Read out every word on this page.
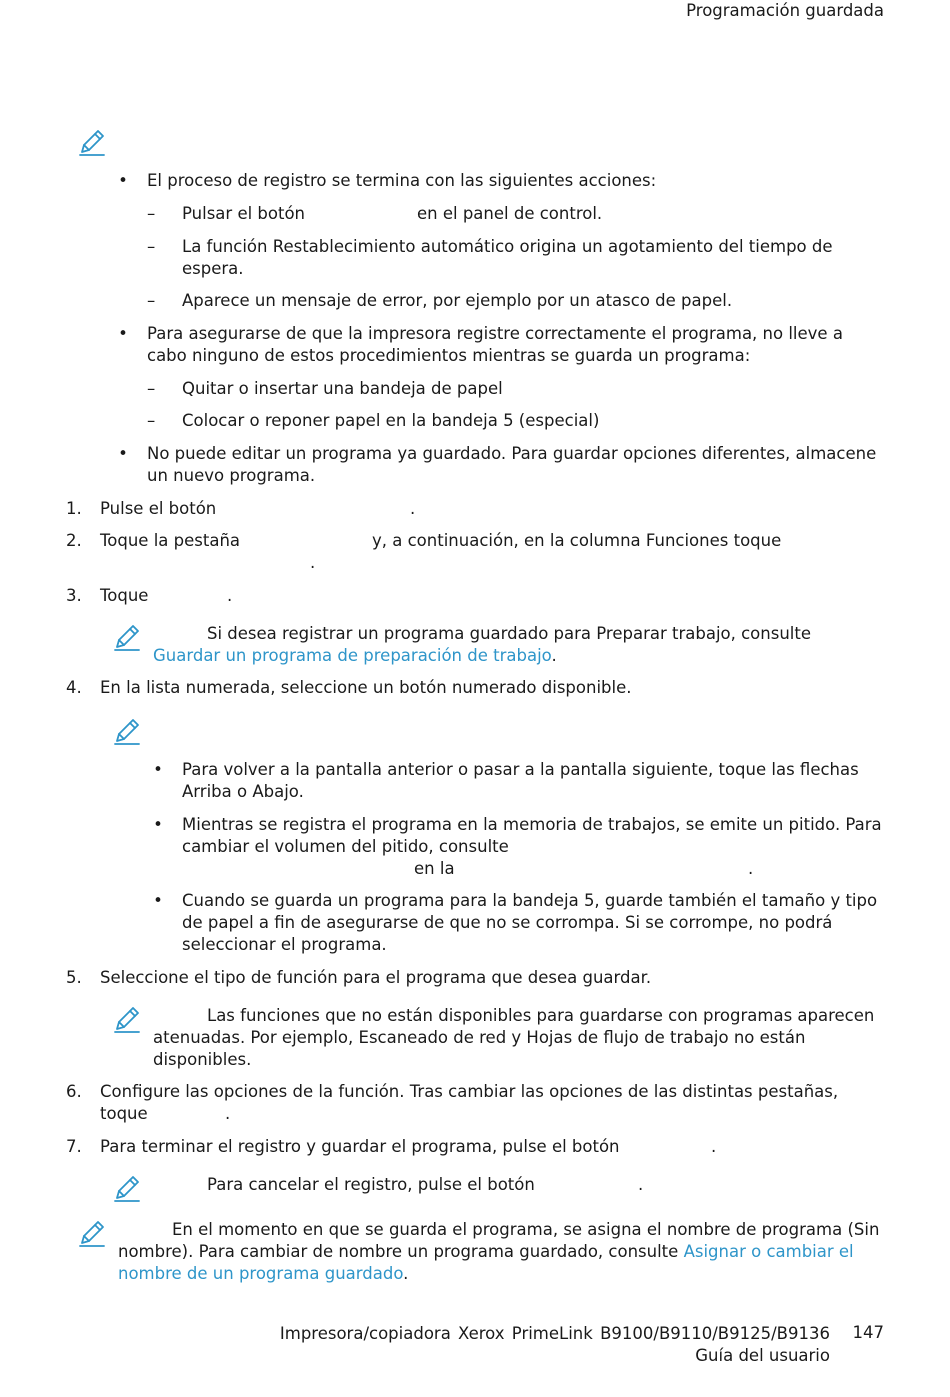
Programación guardada
• El proceso de registro se termina con las siguientes acciones:
–	Pulsar el botón	en el panel de control.
–	La función Restablecimiento automático origina un agotamiento del tiempo de espera.
–	Aparece un mensaje de error, por ejemplo por un atasco de papel.
• Para asegurarse de que la impresora registre correctamente el programa, no lleve a cabo ninguno de estos procedimientos mientras se guarda un programa:
–	Quitar o insertar una bandeja de papel
–	Colocar o reponer papel en la bandeja 5 (especial)
• No puede editar un programa ya guardado. Para guardar opciones diferentes, almacene un nuevo programa.
1. Pulse el botón	.
2. Toque la pestaña	y, a continuación, en la columna Funciones toque
.
3. Toque	.
Si desea registrar un programa guardado para Preparar trabajo, consulte
Guardar un programa de preparación de trabajo.
4. En la lista numerada, seleccione un botón numerado disponible.
• Para volver a la pantalla anterior o pasar a la pantalla siguiente, toque las flechas Arriba o Abajo.
• Mientras se registra el programa en la memoria de trabajos, se emite un pitido. Para cambiar el volumen del pitido, consulte
en la	.
• Cuando se guarda un programa para la bandeja 5, guarde también el tamaño y tipo de papel a fin de asegurarse de que no se corrompa. Si se corrompe, no podrá seleccionar el programa.
5. Seleccione el tipo de función para el programa que desea guardar.
Las funciones que no están disponibles para guardarse con programas aparecen atenuadas. Por ejemplo, Escaneado de red y Hojas de flujo de trabajo no están disponibles.
6. Configure las opciones de la función. Tras cambiar las opciones de las distintas pestañas,
toque	.
7. Para terminar el registro y guardar el programa, pulse el botón	.
Para cancelar el registro, pulse el botón	.
En el momento en que se guarda el programa, se asigna el nombre de programa (Sin
nombre). Para cambiar de nombre un programa guardado, consulte Asignar o cambiar el
nombre de un programa guardado.
Impresora/copiadora Xerox PrimeLink B9100/B9110/B9125/B9136
Guía del usuario
147
